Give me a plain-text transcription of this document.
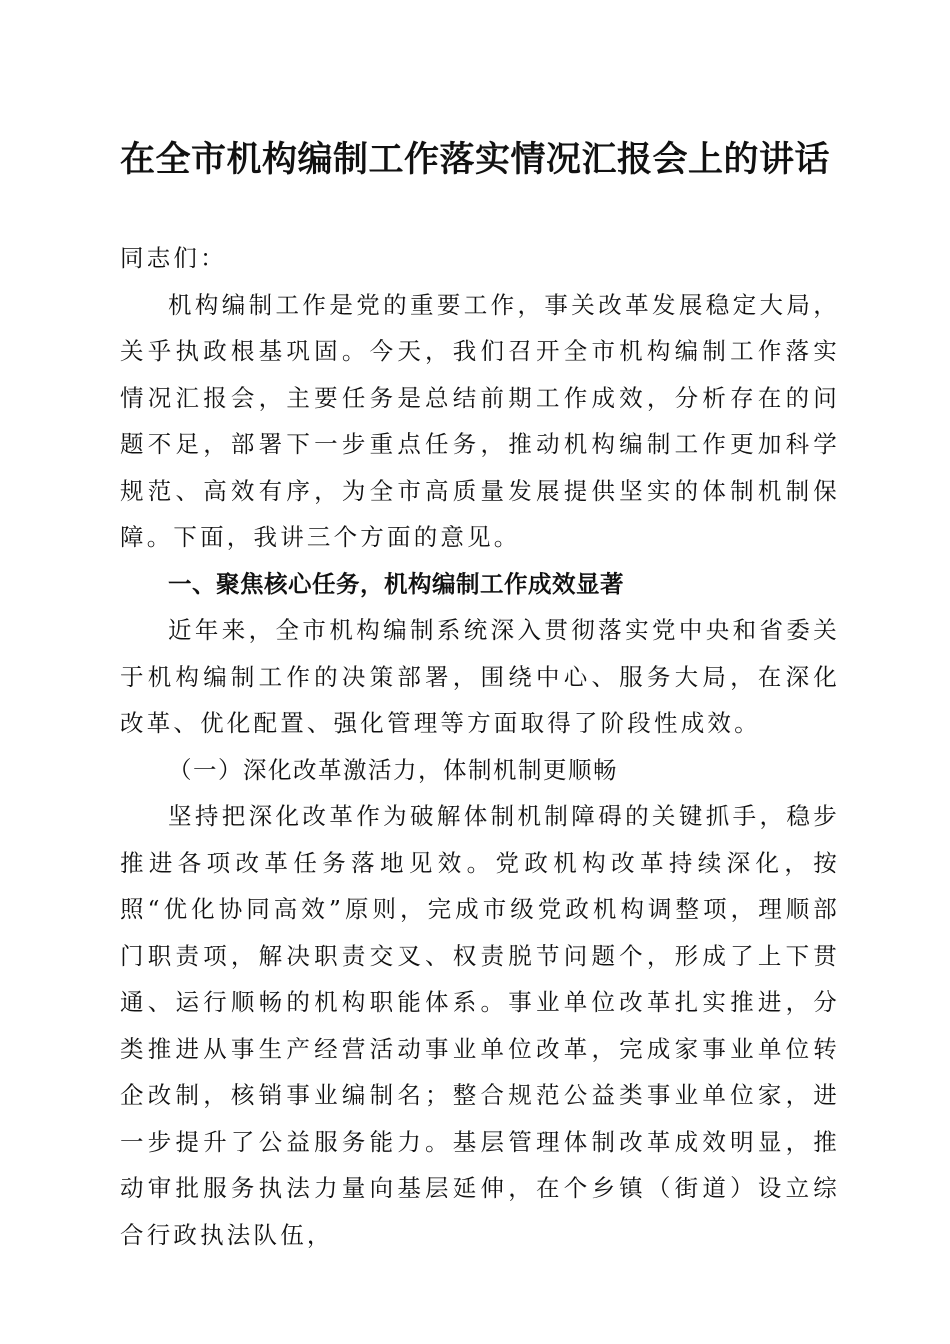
在全市机构编制工作落实情况汇报会上的讲话

同志们：

机构编制工作是党的重要工作，事关改革发展稳定大局，关乎执政根基巩固。今天，我们召开全市机构编制工作落实情况汇报会，主要任务是总结前期工作成效，分析存在的问题不足，部署下一步重点任务，推动机构编制工作更加科学规范、高效有序，为全市高质量发展提供坚实的体制机制保障。下面，我讲三个方面的意见。

一、聚焦核心任务，机构编制工作成效显著

近年来，全市机构编制系统深入贯彻落实党中央和省委关于机构编制工作的决策部署，围绕中心、服务大局，在深化改革、优化配置、强化管理等方面取得了阶段性成效。

（一）深化改革激活力，体制机制更顺畅

坚持把深化改革作为破解体制机制障碍的关键抓手，稳步推进各项改革任务落地见效。党政机构改革持续深化，按照“优化协同高效”原则，完成市级党政机构调整项，理顺部门职责项，解决职责交叉、权责脱节问题个，形成了上下贯通、运行顺畅的机构职能体系。事业单位改革扎实推进，分类推进从事生产经营活动事业单位改革，完成家事业单位转企改制，核销事业编制名；整合规范公益类事业单位家，进一步提升了公益服务能力。基层管理体制改革成效明显，推动审批服务执法力量向基层延伸，在个乡镇（街道）设立综合行政执法队伍，
